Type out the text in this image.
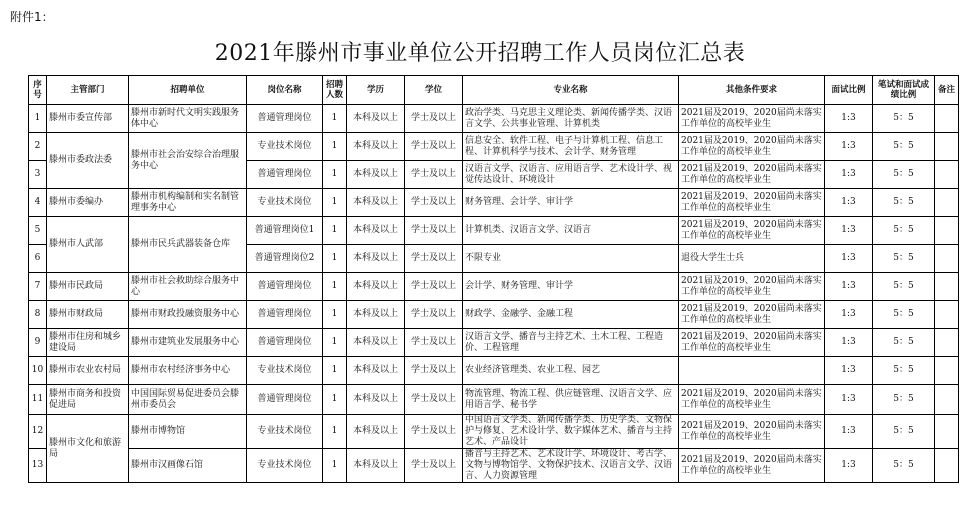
附件1：
2021年滕州市事业单位公开招聘工作人员岗位汇总表
序号	主管部门	招聘单位	岗位名称	招聘人数	学历	学位	专业名称	其他条件要求	面试比例	笔试和面试成绩比例	备注
1	滕州市委宣传部	滕州市新时代文明实践服务体中心	普通管理岗位	1	本科及以上	学士及以上	政治学类、马克思主义理论类、新闻传播学类、汉语言文学、公共事业管理、计算机类	2021届及2019、2020届尚未落实工作单位的高校毕业生	1:3	5：5	
2	滕州市委政法委	滕州市社会治安综合治理服务中心	专业技术岗位	1	本科及以上	学士及以上	信息安全、软件工程、电子与计算机工程、信息工程、计算机科学与技术、会计学、财务管理	2021届及2019、2020届尚未落实工作单位的高校毕业生	1:3	5：5	
3			普通管理岗位	1	本科及以上	学士及以上	汉语言文学、汉语言、应用语言学、艺术设计学、视觉传达设计、环境设计	2021届及2019、2020届尚未落实工作单位的高校毕业生	1:3	5：5	
4	滕州市委编办	滕州市机构编制和实名制管理事务中心	专业技术岗位	1	本科及以上	学士及以上	财务管理、会计学、审计学	2021届及2019、2020届尚未落实工作单位的高校毕业生	1:3	5：5	
5	滕州市人武部	滕州市民兵武器装备仓库	普通管理岗位1	1	本科及以上	学士及以上	计算机类、汉语言文学、汉语言	2021届及2019、2020届尚未落实工作单位的高校毕业生	1:3	5：5	
6			普通管理岗位2	1	本科及以上	学士及以上	不限专业	退役大学生士兵	1:3	5：5	
7	滕州市民政局	滕州市社会救助综合服务中心	普通管理岗位	1	本科及以上	学士及以上	会计学、财务管理、审计学	2021届及2019、2020届尚未落实工作单位的高校毕业生	1:3	5：5	
8	滕州市财政局	滕州市财政投融资服务中心	普通管理岗位	1	本科及以上	学士及以上	财政学、金融学、金融工程	2021届及2019、2020届尚未落实工作单位的高校毕业生	1:3	5：5	
9	滕州市住房和城乡建设局	滕州市建筑业发展服务中心	普通管理岗位	1	本科及以上	学士及以上	汉语言文学、播音与主持艺术、土木工程、工程造价、工程管理	2021届及2019、2020届尚未落实工作单位的高校毕业生	1:3	5：5	
10	滕州市农业农村局	滕州市农村经济事务中心	专业技术岗位	1	本科及以上	学士及以上	农业经济管理类、农业工程、园艺		1:3	5：5	
11	滕州市商务和投资促进局	中国国际贸易促进委员会滕州市委员会	普通管理岗位	1	本科及以上	学士及以上	物流管理、物流工程、供应链管理、汉语言文学、应用语言学、秘书学	2021届及2019、2020届尚未落实工作单位的高校毕业生	1:3	5：5	
12	滕州市文化和旅游局	滕州市博物馆	专业技术岗位	1	本科及以上	学士及以上	中国语言文学类、新闻传播学类、历史学类、文物保护与修复、艺术设计学、数字媒体艺术、播音与主持艺术、产品设计	2021届及2019、2020届尚未落实工作单位的高校毕业生	1:3	5：5	
13		滕州市汉画像石馆	专业技术岗位	1	本科及以上	学士及以上	播音与主持艺术、艺术设计学、环境设计、考古学、文物与博物馆学、文物保护技术、汉语言文学、汉语言、人力资源管理	2021届及2019、2020届尚未落实工作单位的高校毕业生	1:3	5：5	
